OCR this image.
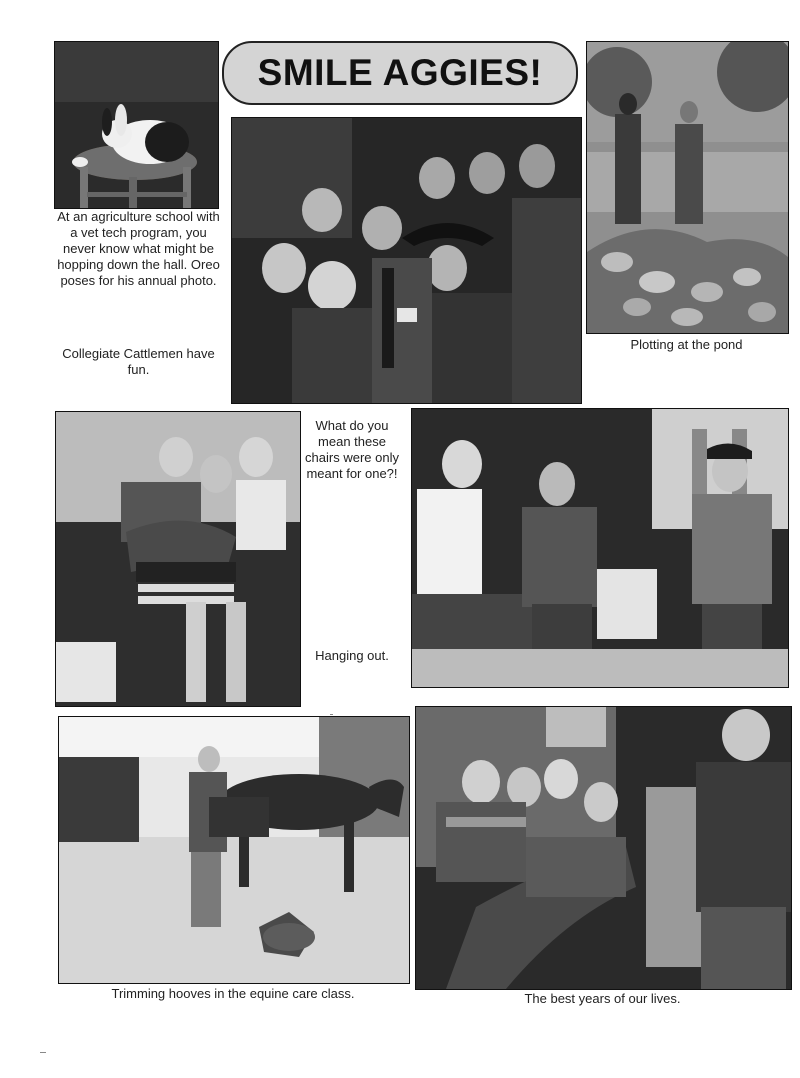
SMILE AGGIES!
At an agriculture school with a vet tech program, you never know what might be hopping down the hall. Oreo poses for his annual photo.
Collegiate Cattlemen have fun.
Plotting at the pond
What do you mean these chairs were only meant for one?!
Hanging out.
Trimming hooves in the equine care class.	The best years of our lives.
